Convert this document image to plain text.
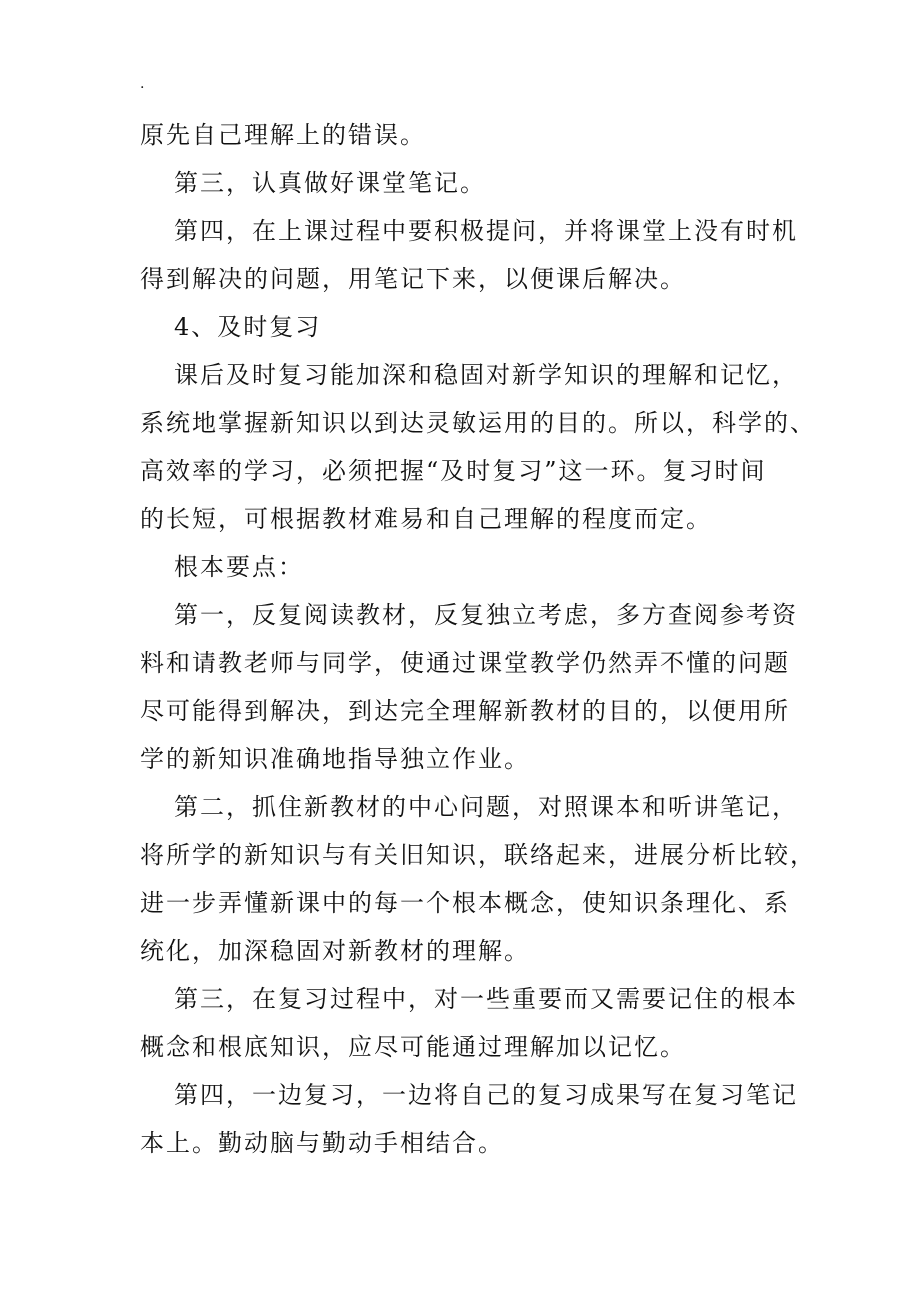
.
原先自己理解上的错误。
第三，认真做好课堂笔记。
第四，在上课过程中要积极提问，并将课堂上没有时机
得到解决的问题，用笔记下来，以便课后解决。
4、及时复习
课后及时复习能加深和稳固对新学知识的理解和记忆，
系统地掌握新知识以到达灵敏运用的目的。所以，科学的、
高效率的学习，必须把握“及时复习”这一环。复习时间
的长短，可根据教材难易和自己理解的程度而定。
根本要点：
第一，反复阅读教材，反复独立考虑，多方查阅参考资
料和请教老师与同学，使通过课堂教学仍然弄不懂的问题
尽可能得到解决，到达完全理解新教材的目的，以便用所
学的新知识准确地指导独立作业。
第二，抓住新教材的中心问题，对照课本和听讲笔记，
将所学的新知识与有关旧知识，联络起来，进展分析比较，
进一步弄懂新课中的每一个根本概念，使知识条理化、系
统化，加深稳固对新教材的理解。
第三，在复习过程中，对一些重要而又需要记住的根本
概念和根底知识，应尽可能通过理解加以记忆。
第四，一边复习，一边将自己的复习成果写在复习笔记
本上。勤动脑与勤动手相结合。
